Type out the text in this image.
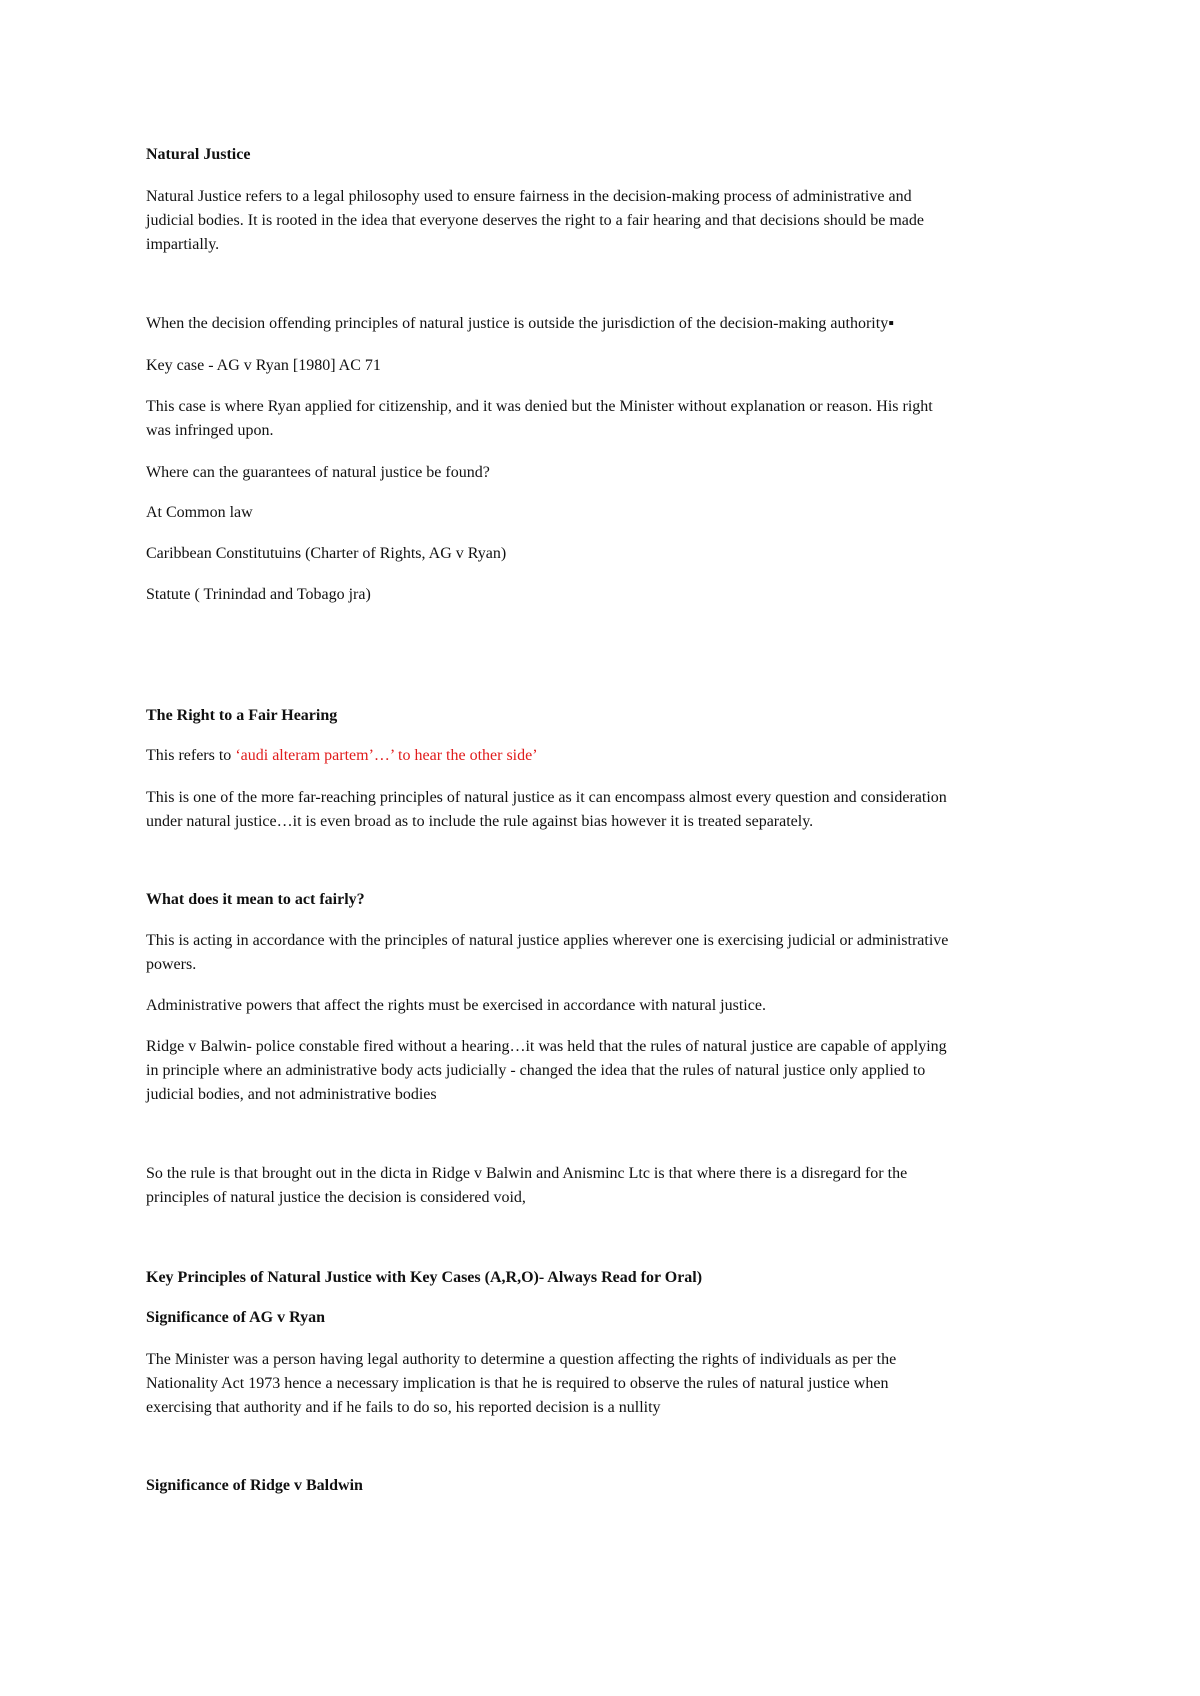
Natural Justice
Natural Justice refers to a legal philosophy used to ensure fairness in the decision-making process of administrative and
judicial bodies. It is rooted in the idea that everyone deserves the right to a fair hearing and that decisions should be made
impartially.
When the decision offending principles of natural justice is outside the jurisdiction of the decision-making authority▪
Key case - AG v Ryan [1980] AC 71
This case is where Ryan applied for citizenship, and it was denied but the Minister without explanation or reason. His right
was infringed upon.
Where can the guarantees of natural justice be found?
At Common law
Caribbean Constitutuins (Charter of Rights, AG v Ryan)
Statute ( Trinindad and Tobago jra)
The Right to a Fair Hearing
This refers to ‘audi alteram partem’…’ to hear the other side’
This is one of the more far-reaching principles of natural justice as it can encompass almost every question and consideration
under natural justice…it is even broad as to include the rule against bias however it is treated separately.
What does it mean to act fairly?
This is acting in accordance with the principles of natural justice applies wherever one is exercising judicial or administrative
powers.
Administrative powers that affect the rights must be exercised in accordance with natural justice.
Ridge v Balwin- police constable fired without a hearing…it was held that the rules of natural justice are capable of applying
in principle where an administrative body acts judicially - changed the idea that the rules of natural justice only applied to
judicial bodies, and not administrative bodies
So the rule is that brought out in the dicta in Ridge v Balwin and Anisminc Ltc is that where there is a disregard for the
principles of natural justice the decision is considered void,
Key Principles of Natural Justice with Key Cases (A,R,O)- Always Read for Oral)
Significance of AG v Ryan
The Minister was a person having legal authority to determine a question affecting the rights of individuals as per the
Nationality Act 1973 hence a necessary implication is that he is required to observe the rules of natural justice when
exercising that authority and if he fails to do so, his reported decision is a nullity
Significance of Ridge v Baldwin
